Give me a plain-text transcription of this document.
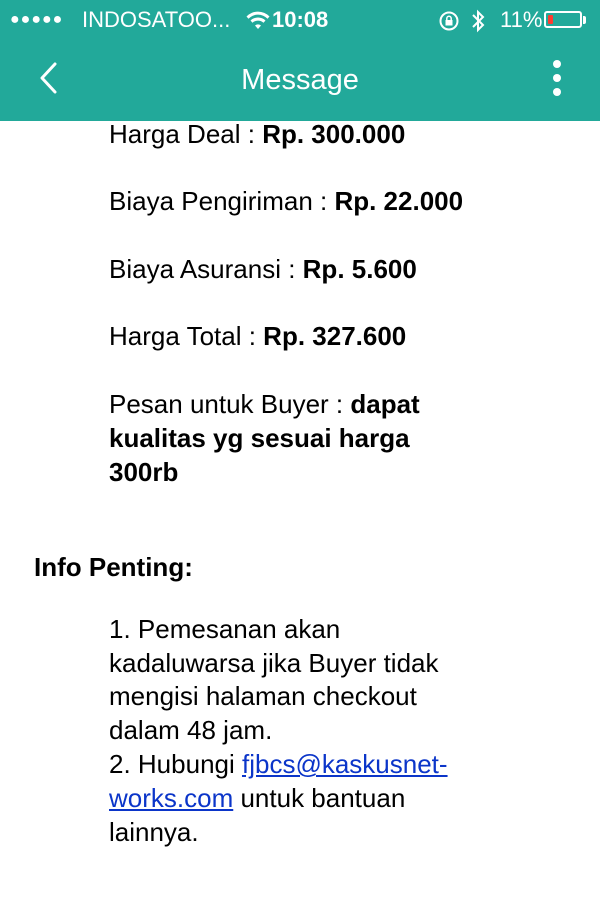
●●●●● INDOSATOO... 10:08	11%
Message
Harga Deal : Rp. 300.000
Biaya Pengiriman : Rp. 22.000
Biaya Asuransi : Rp. 5.600
Harga Total : Rp. 327.600
Pesan untuk Buyer : dapat
kualitas yg sesuai harga
300rb
Info Penting:
1. Pemesanan akan
kadaluwarsa jika Buyer tidak
mengisi halaman checkout
dalam 48 jam.
2. Hubungi fjbcs@kaskusnet-
works.com untuk bantuan
lainnya.
